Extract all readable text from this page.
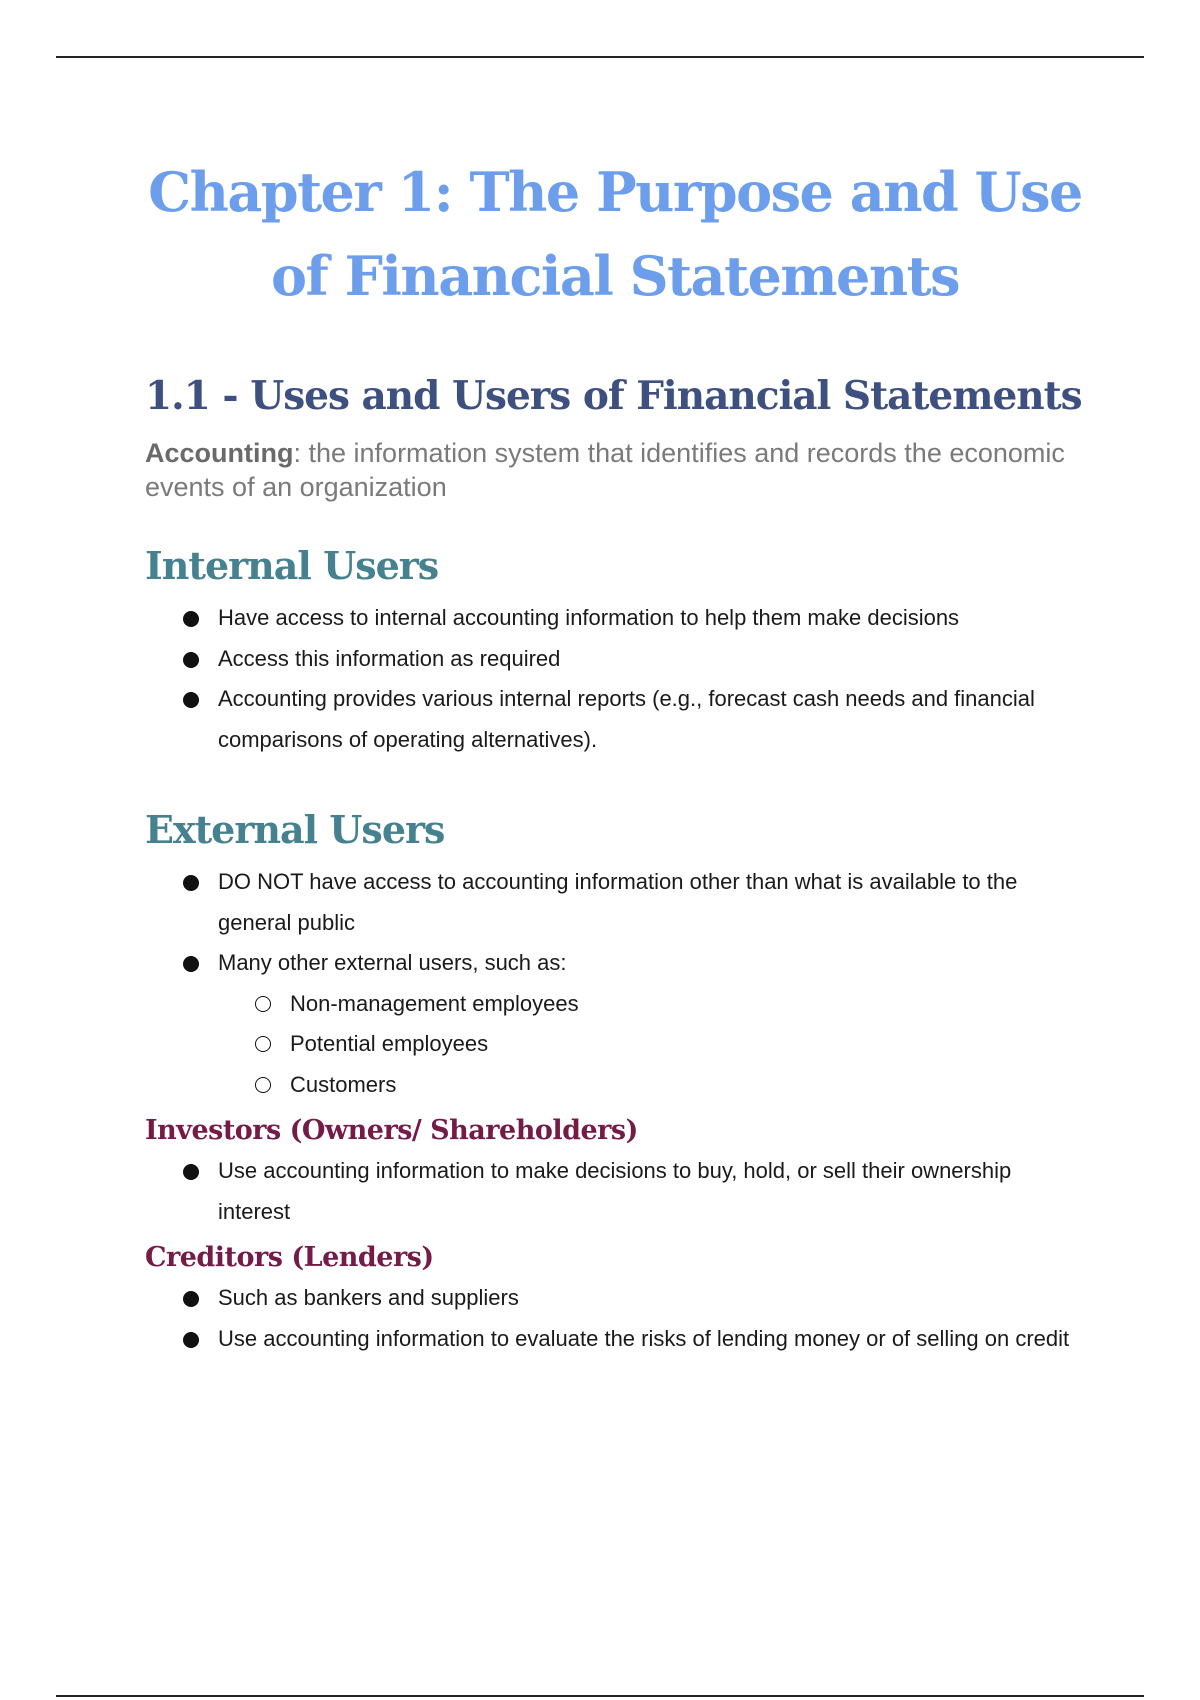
Chapter 1: The Purpose and Use of Financial Statements
1.1 - Uses and Users of Financial Statements

Accounting: the information system that identifies and records the economic events of an organization

Internal Users
Have access to internal accounting information to help them make decisions
Access this information as required
Accounting provides various internal reports (e.g., forecast cash needs and financial comparisons of operating alternatives).
External Users
DO NOT have access to accounting information other than what is available to the general public
Many other external users, such as:
Non-management employees
Potential employees
Customers
Investors (Owners/ Shareholders)
Use accounting information to make decisions to buy, hold, or sell their ownership interest
Creditors (Lenders)
Such as bankers and suppliers
Use accounting information to evaluate the risks of lending money or of selling on credit
